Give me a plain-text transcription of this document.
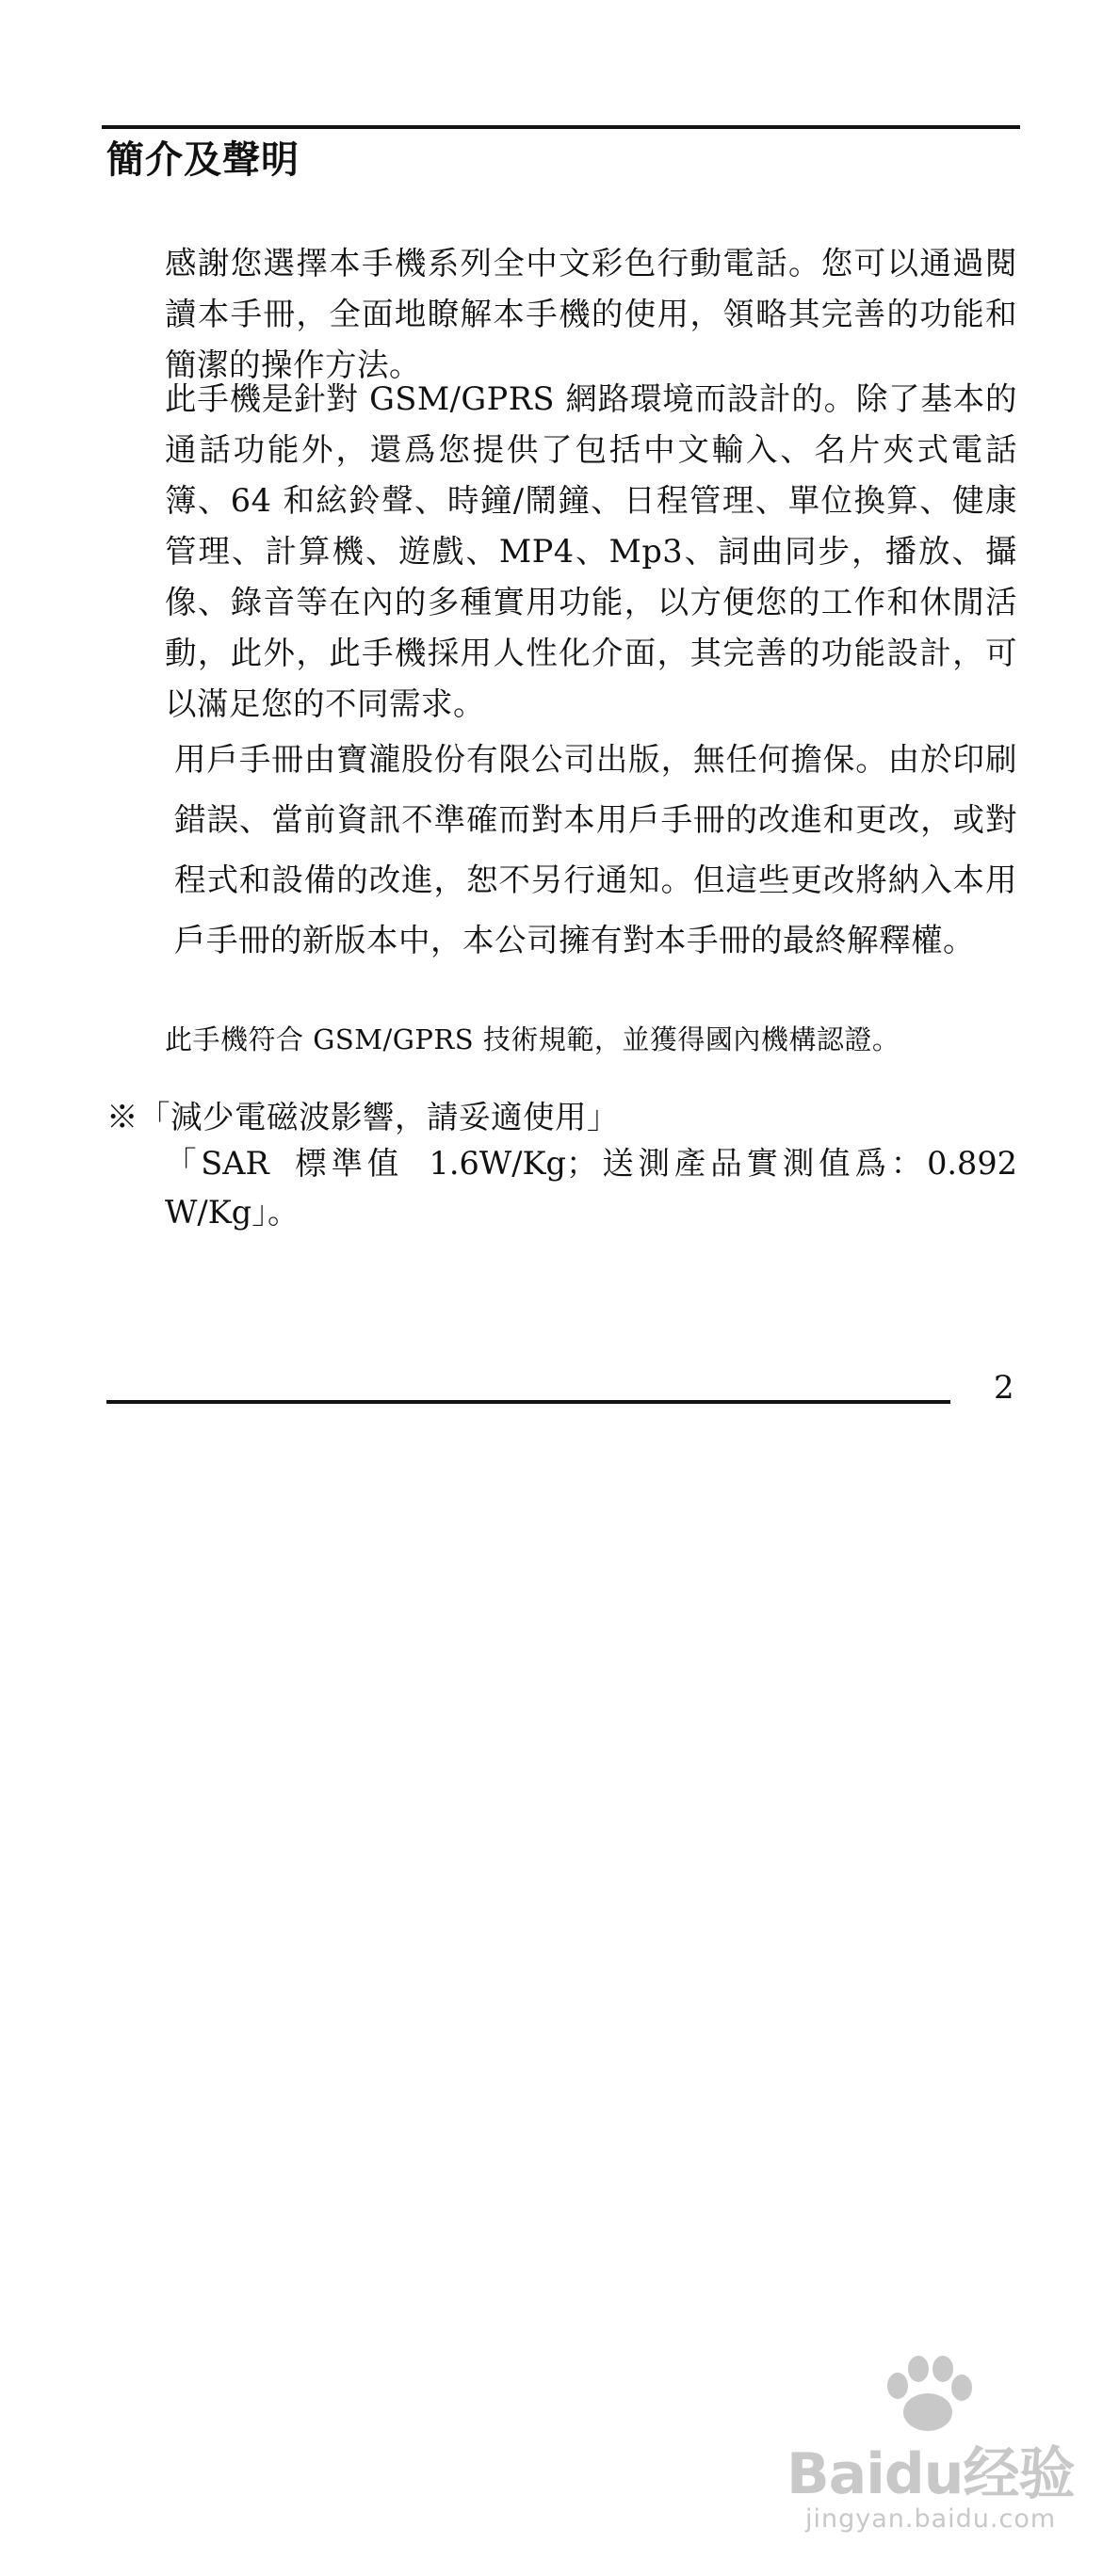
簡介及聲明
感謝您選擇本手機系列全中文彩色行動電話。您可以通過閱讀本手冊，全面地瞭解本手機的使用，領略其完善的功能和簡潔的操作方法。
此手機是針對 GSM/GPRS 網路環境而設計的。除了基本的通話功能外，還爲您提供了包括中文輸入、名片夾式電話簿、64 和絃鈴聲、時鐘/鬧鐘、日程管理、單位換算、健康管理、計算機、遊戲、MP4、Mp3、詞曲同步，播放、攝像、錄音等在內的多種實用功能，以方便您的工作和休閒活動，此外，此手機採用人性化介面，其完善的功能設計，可以滿足您的不同需求。
用戶手冊由寶瀧股份有限公司出版，無任何擔保。由於印刷錯誤、當前資訊不準確而對本用戶手冊的改進和更改，或對程式和設備的改進，恕不另行通知。但這些更改將納入本用戶手冊的新版本中，本公司擁有對本手冊的最終解釋權。
此手機符合 GSM/GPRS 技術規範，並獲得國內機構認證。
※「減少電磁波影響，請妥適使用」
「SAR 標準值 1.6W/Kg；送測產品實測值爲：0.892 W/Kg」。
2
Baidu经验
jingyan.baidu.com
